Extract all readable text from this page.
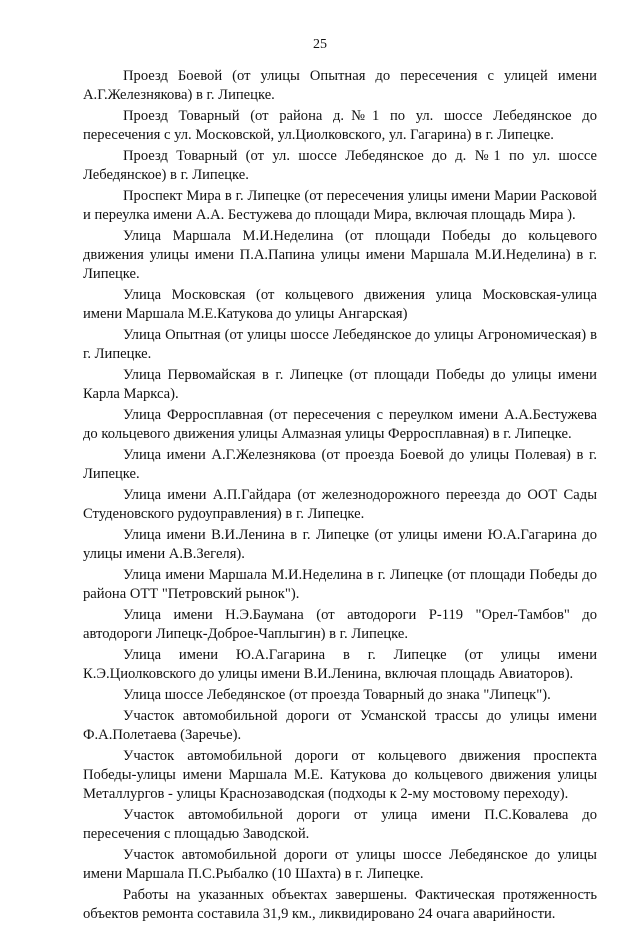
25

Проезд Боевой (от улицы Опытная до пересечения с улицей имени А.Г.Железнякова) в г. Липецке.

Проезд Товарный (от района д.№1 по ул. шоссе Лебедянское до пересечения с ул. Московской, ул.Циолковского, ул. Гагарина) в г. Липецке.

Проезд Товарный (от ул. шоссе Лебедянское до д. №1 по ул. шоссе Лебедянское) в г. Липецке.

Проспект Мира в г. Липецке (от пересечения улицы имени Марии Расковой и переулка имени А.А. Бестужева до площади Мира, включая площадь Мира ).

Улица Маршала М.И.Неделина (от площади Победы до кольцевого движения улицы имени П.А.Папина улицы имени Маршала М.И.Неделина) в г. Липецке.

Улица Московская (от кольцевого движения улица Московская-улица имени Маршала М.Е.Катукова до улицы Ангарская)

Улица Опытная (от улицы шоссе Лебедянское до улицы Агрономическая) в г. Липецке.

Улица Первомайская в г. Липецке (от площади Победы до улицы имени Карла Маркса).

Улица Ферросплавная (от пересечения с переулком имени А.А.Бестужева до кольцевого движения улицы Алмазная улицы Ферросплавная) в г. Липецке.

Улица имени А.Г.Железнякова (от проезда Боевой до улицы Полевая) в г. Липецке.

Улица имени А.П.Гайдара (от железнодорожного переезда до ООТ Сады Студеновского рудоуправления) в г. Липецке.

Улица имени В.И.Ленина в г. Липецке (от улицы имени Ю.А.Гагарина до улицы имени А.В.Зегеля).

Улица имени Маршала М.И.Неделина в г. Липецке (от площади Победы до района ОТТ "Петровский рынок").

Улица имени Н.Э.Баумана (от автодороги Р-119 "Орел-Тамбов" до автодороги Липецк-Доброе-Чаплыгин) в г. Липецке.

Улица имени Ю.А.Гагарина в г. Липецке (от улицы имени К.Э.Циолковского до улицы имени В.И.Ленина, включая площадь Авиаторов).

Улица шоссе Лебедянское (от проезда Товарный до знака "Липецк").

Участок автомобильной дороги от Усманской трассы до улицы имени Ф.А.Полетаева (Заречье).

Участок автомобильной дороги от кольцевого движения проспекта Победы-улицы имени Маршала М.Е. Катукова до кольцевого движения улицы Металлургов - улицы Краснозаводская (подходы к 2-му мостовому переходу).

Участок автомобильной дороги от улица имени П.С.Ковалева до пересечения с площадью Заводской.

Участок автомобильной дороги от улицы шоссе Лебедянское до улицы имени Маршала П.С.Рыбалко (10 Шахта) в г. Липецке.

Работы на указанных объектах завершены. Фактическая протяженность объектов ремонта составила 31,9 км., ликвидировано 24 очага аварийности.
